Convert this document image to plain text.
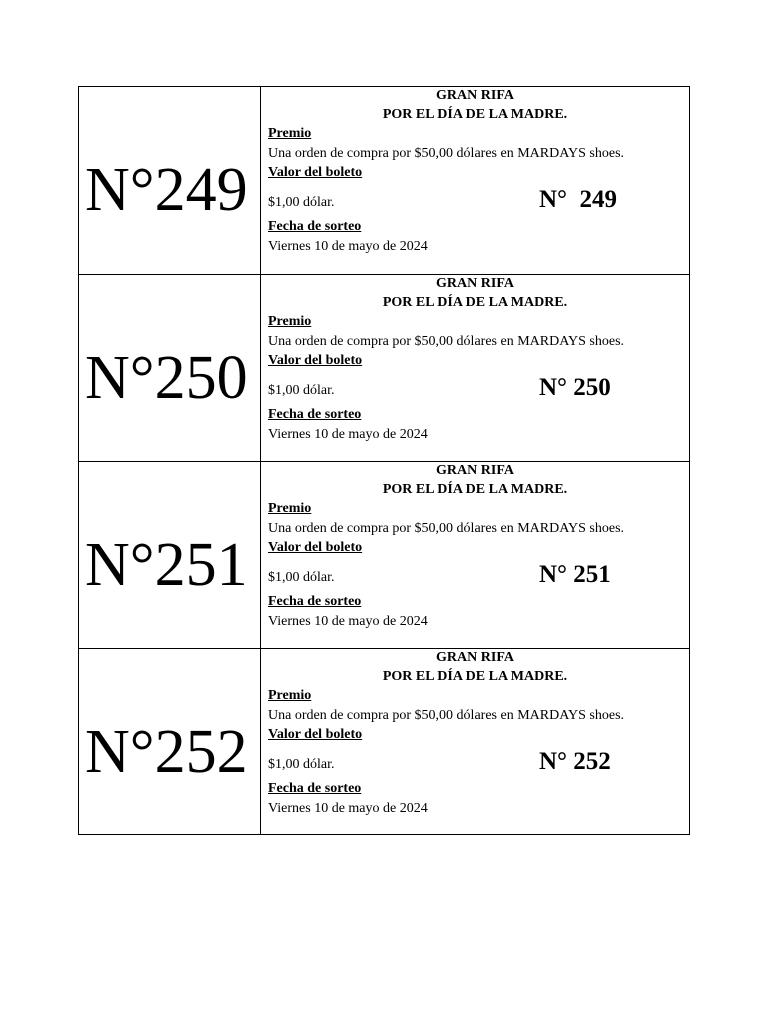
N°249
GRAN RIFA
POR EL DÍA DE LA MADRE.
Premio
Una orden de compra por $50,00 dólares en MARDAYS shoes.
Valor del boleto
$1,00 dólar.	N°  249
Fecha de sorteo
Viernes 10 de mayo de 2024
N°250
GRAN RIFA
POR EL DÍA DE LA MADRE.
Premio
Una orden de compra por $50,00 dólares en MARDAYS shoes.
Valor del boleto
$1,00 dólar.	N° 250
Fecha de sorteo
Viernes 10 de mayo de 2024
N°251
GRAN RIFA
POR EL DÍA DE LA MADRE.
Premio
Una orden de compra por $50,00 dólares en MARDAYS shoes.
Valor del boleto
$1,00 dólar.	N° 251
Fecha de sorteo
Viernes 10 de mayo de 2024
N°252
GRAN RIFA
POR EL DÍA DE LA MADRE.
Premio
Una orden de compra por $50,00 dólares en MARDAYS shoes.
Valor del boleto
$1,00 dólar.	N° 252
Fecha de sorteo
Viernes 10 de mayo de 2024
